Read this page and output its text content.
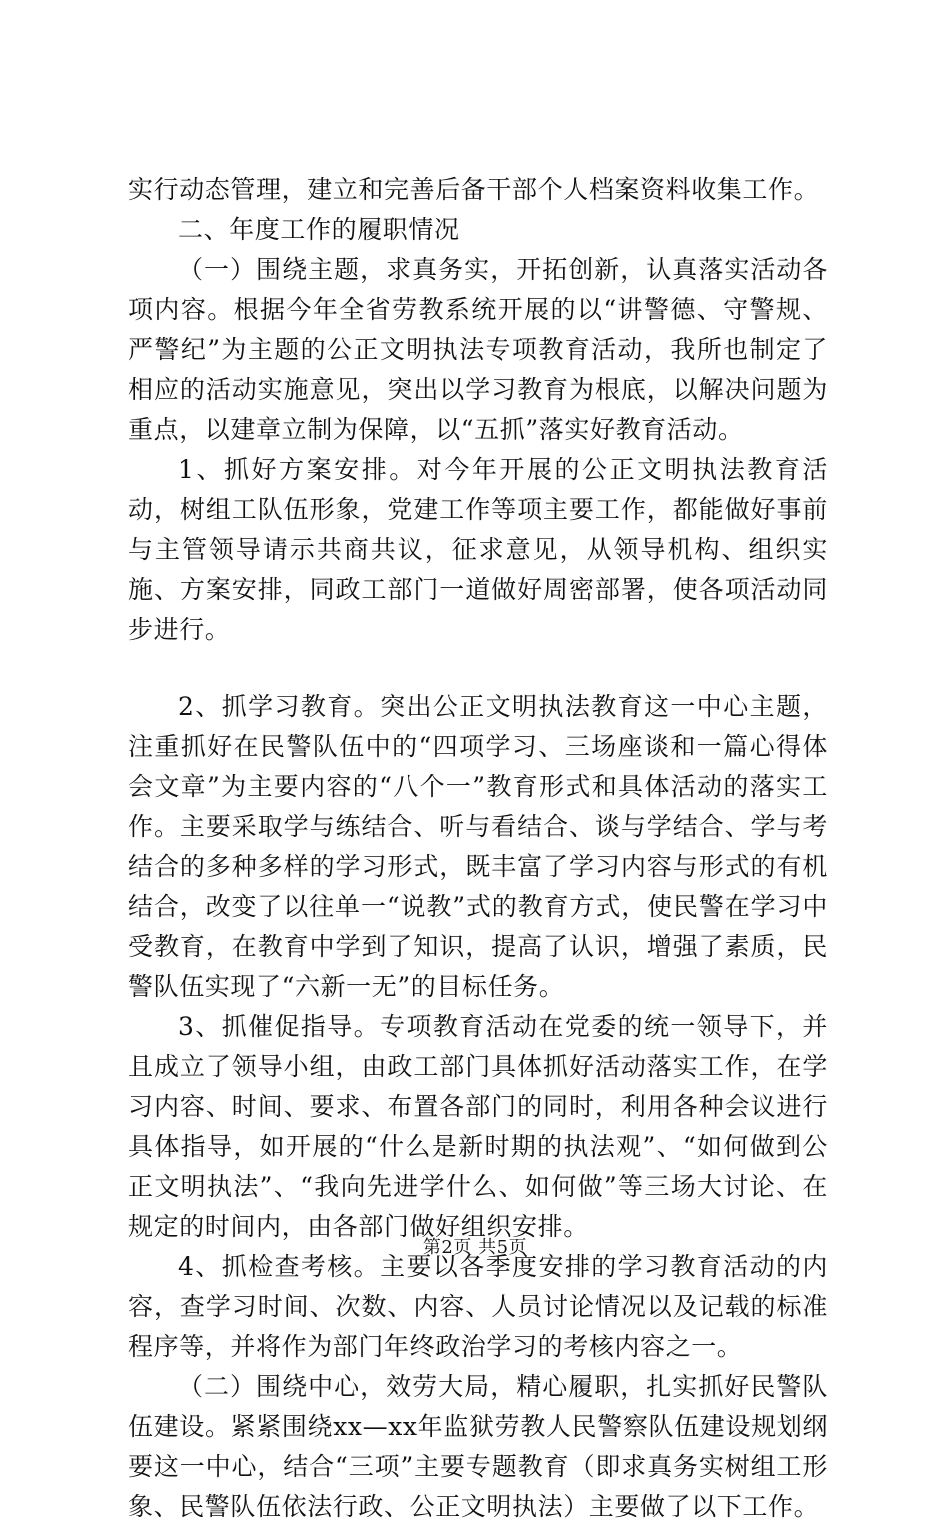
实行动态管理，建立和完善后备干部个人档案资料收集工作。

二、年度工作的履职情况

（一）围绕主题，求真务实，开拓创新，认真落实活动各项内容。根据今年全省劳教系统开展的以“讲警德、守警规、严警纪”为主题的公正文明执法专项教育活动，我所也制定了相应的活动实施意见，突出以学习教育为根底，以解决问题为重点，以建章立制为保障，以“五抓”落实好教育活动。

1、抓好方案安排。对今年开展的公正文明执法教育活动，树组工队伍形象，党建工作等项主要工作，都能做好事前与主管领导请示共商共议，征求意见，从领导机构、组织实施、方案安排，同政工部门一道做好周密部署，使各项活动同步进行。

2、抓学习教育。突出公正文明执法教育这一中心主题，注重抓好在民警队伍中的“四项学习、三场座谈和一篇心得体会文章”为主要内容的“八个一”教育形式和具体活动的落实工作。主要采取学与练结合、听与看结合、谈与学结合、学与考结合的多种多样的学习形式，既丰富了学习内容与形式的有机结合，改变了以往单一“说教”式的教育方式，使民警在学习中受教育，在教育中学到了知识，提高了认识，增强了素质，民警队伍实现了“六新一无”的目标任务。

3、抓催促指导。专项教育活动在党委的统一领导下，并且成立了领导小组，由政工部门具体抓好活动落实工作，在学习内容、时间、要求、布置各部门的同时，利用各种会议进行具体指导，如开展的“什么是新时期的执法观”、“如何做到公正文明执法”、“我向先进学什么、如何做”等三场大讨论、在规定的时间内，由各部门做好组织安排。

4、抓检查考核。主要以各季度安排的学习教育活动的内容，查学习时间、次数、内容、人员讨论情况以及记载的标准程序等，并将作为部门年终政治学习的考核内容之一。

（二）围绕中心，效劳大局，精心履职，扎实抓好民警队伍建设。紧紧围绕xx—xx年监狱劳教人民警察队伍建设规划纲要这一中心，结合“三项”主要专题教育（即求真务实树组工形象、民警队伍依法行政、公正文明执法）主要做了以下工作。

第2页 共5页
